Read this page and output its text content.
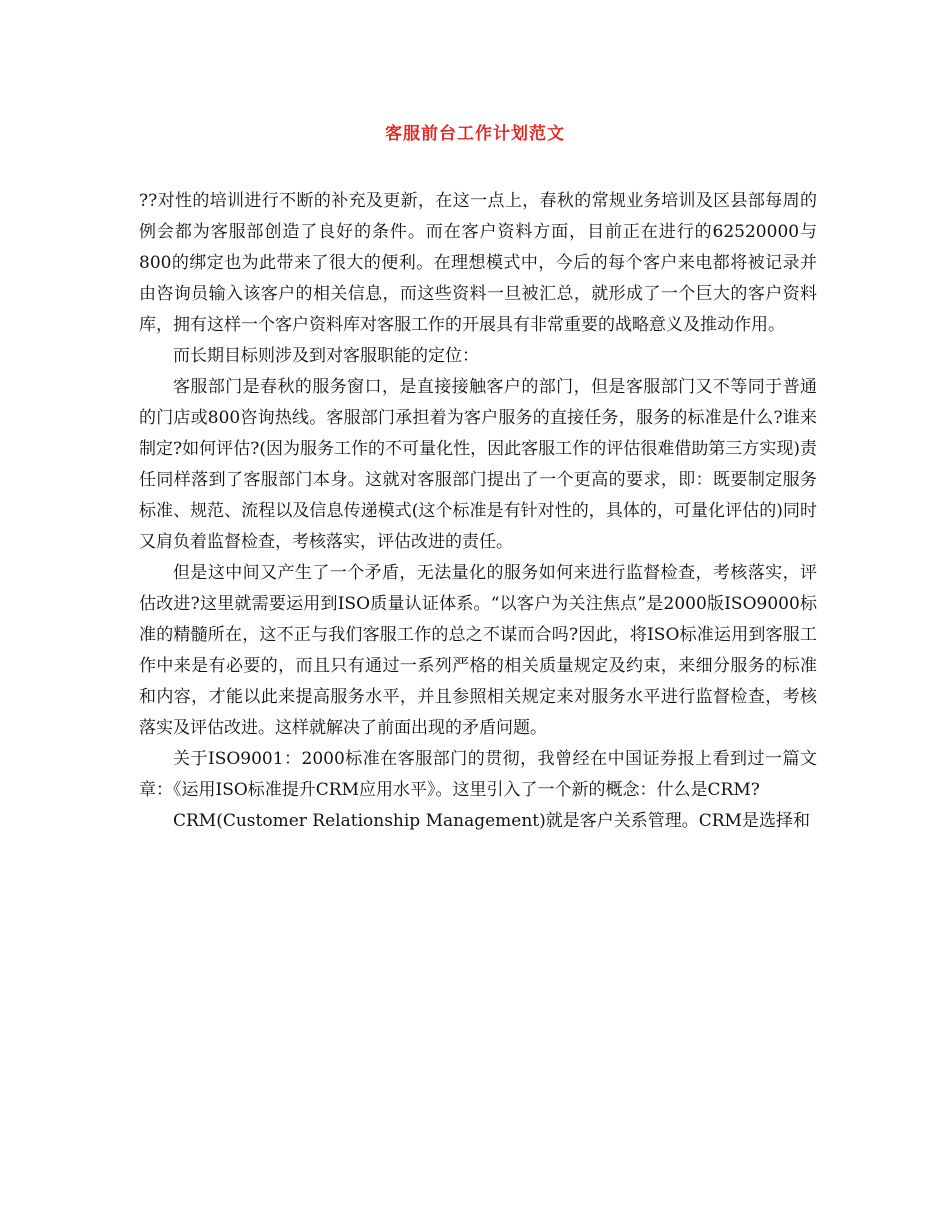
客服前台工作计划范文

??对性的培训进行不断的补充及更新，在这一点上，春秋的常规业务培训及区县部每周的例会都为客服部创造了良好的条件。而在客户资料方面，目前正在进行的62520000与800的绑定也为此带来了很大的便利。在理想模式中，今后的每个客户来电都将被记录并由咨询员输入该客户的相关信息，而这些资料一旦被汇总，就形成了一个巨大的客户资料库，拥有这样一个客户资料库对客服工作的开展具有非常重要的战略意义及推动作用。

而长期目标则涉及到对客服职能的定位：

客服部门是春秋的服务窗口，是直接接触客户的部门，但是客服部门又不等同于普通的门店或800咨询热线。客服部门承担着为客户服务的直接任务，服务的标准是什么?谁来制定?如何评估?(因为服务工作的不可量化性，因此客服工作的评估很难借助第三方实现)责任同样落到了客服部门本身。这就对客服部门提出了一个更高的要求，即：既要制定服务标准、规范、流程以及信息传递模式(这个标准是有针对性的，具体的，可量化评估的)同时又肩负着监督检查，考核落实，评估改进的责任。

但是这中间又产生了一个矛盾，无法量化的服务如何来进行监督检查，考核落实，评估改进?这里就需要运用到ISO质量认证体系。“以客户为关注焦点”是2000版ISO9000标准的精髓所在，这不正与我们客服工作的总之不谋而合吗?因此，将ISO标准运用到客服工作中来是有必要的，而且只有通过一系列严格的相关质量规定及约束，来细分服务的标准和内容，才能以此来提高服务水平，并且参照相关规定来对服务水平进行监督检查，考核落实及评估改进。这样就解决了前面出现的矛盾问题。

关于ISO9001：2000标准在客服部门的贯彻，我曾经在中国证券报上看到过一篇文章：《运用ISO标准提升CRM应用水平》。这里引入了一个新的概念：什么是CRM?

CRM(Customer Relationship Management)就是客户关系管理。CRM是选择和
